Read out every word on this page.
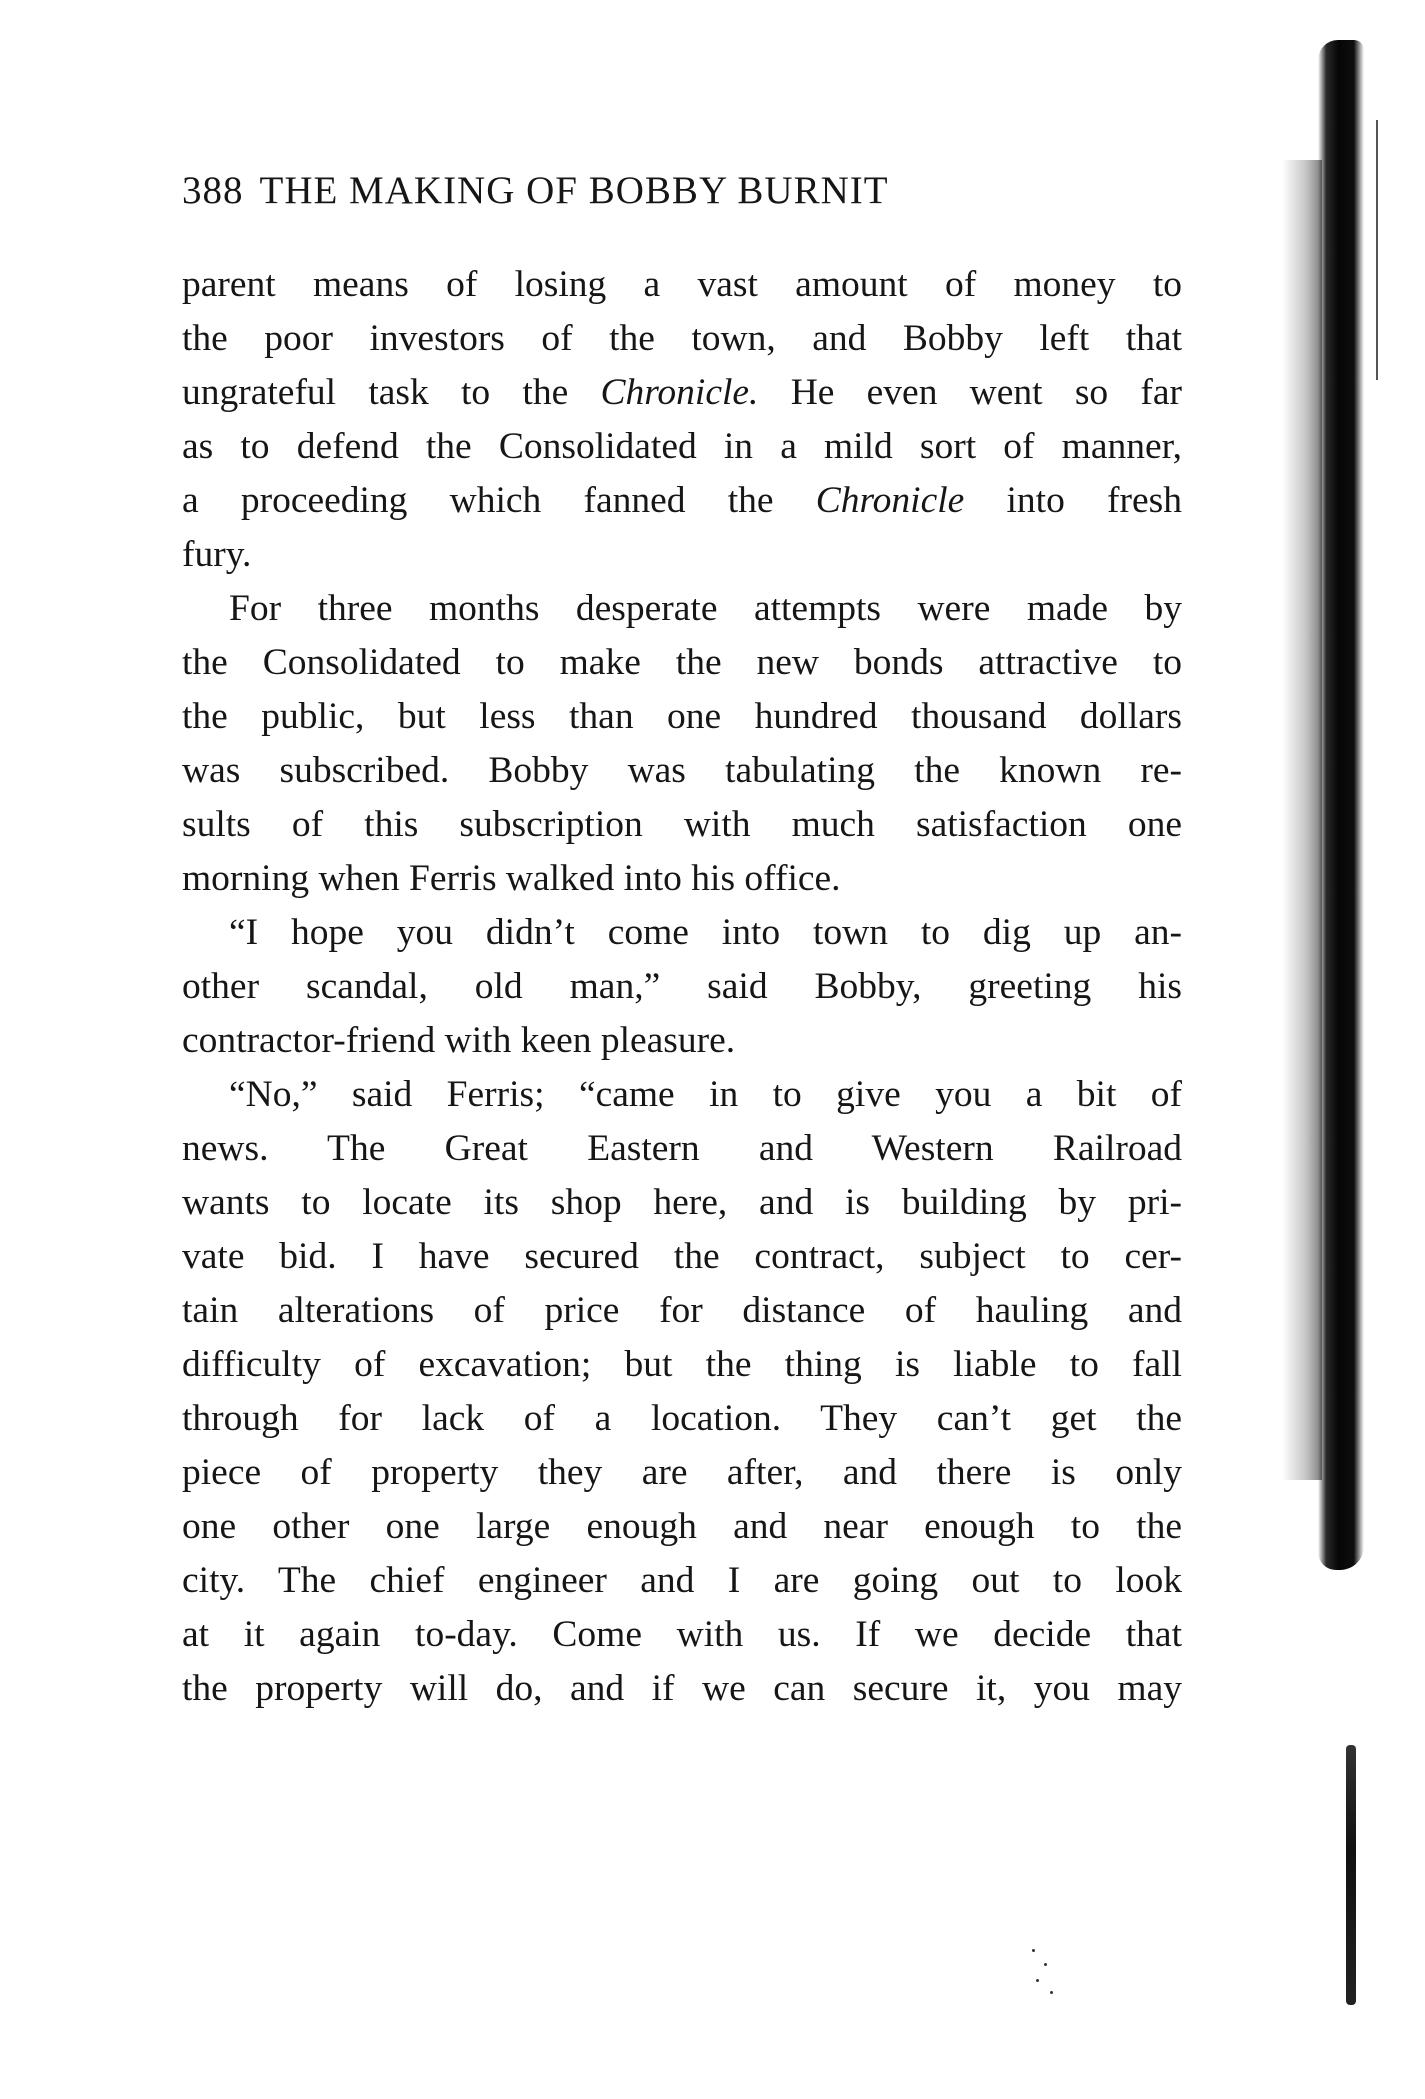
388 THE MAKING OF BOBBY BURNIT
parent means of losing a vast amount of money to
the poor investors of the town, and Bobby left that
ungrateful task to the Chronicle. He even went so far
as to defend the Consolidated in a mild sort of manner,
a proceeding which fanned the Chronicle into fresh
fury.
For three months desperate attempts were made by
the Consolidated to make the new bonds attractive to
the public, but less than one hundred thousand dollars
was subscribed. Bobby was tabulating the known re-
sults of this subscription with much satisfaction one
morning when Ferris walked into his office.
“I hope you didn’t come into town to dig up an-
other scandal, old man,” said Bobby, greeting his
contractor-friend with keen pleasure.
“No,” said Ferris; “came in to give you a bit of
news. The Great Eastern and Western Railroad
wants to locate its shop here, and is building by pri-
vate bid. I have secured the contract, subject to cer-
tain alterations of price for distance of hauling and
difficulty of excavation; but the thing is liable to fall
through for lack of a location. They can’t get the
piece of property they are after, and there is only
one other one large enough and near enough to the
city. The chief engineer and I are going out to look
at it again to-day. Come with us. If we decide that
the property will do, and if we can secure it, you may
